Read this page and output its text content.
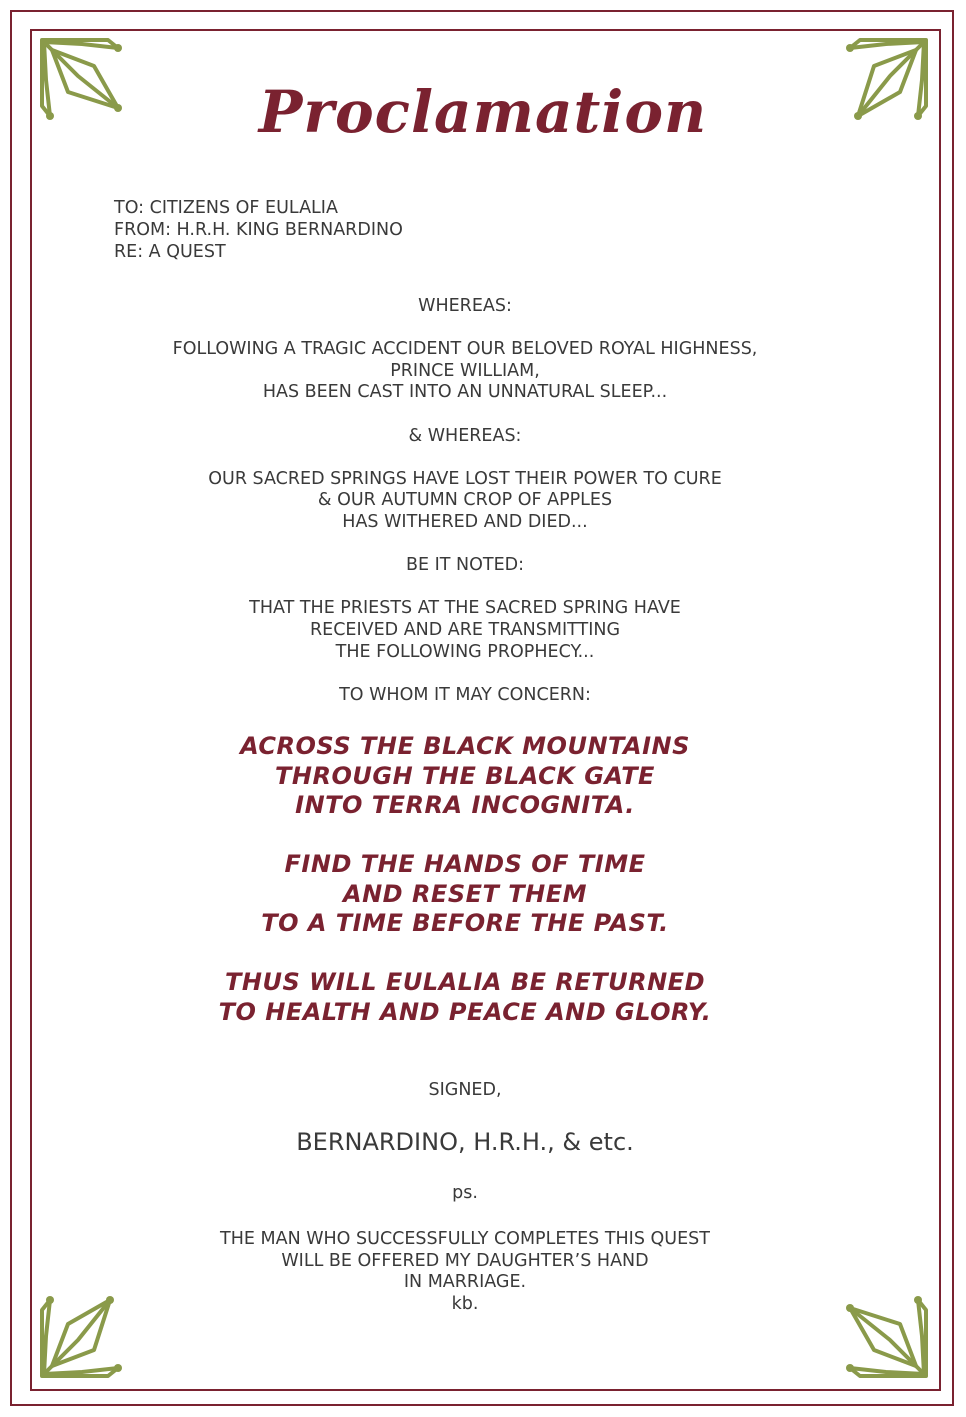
Proclamation
TO: CITIZENS OF EULALIA
FROM: H.R.H. KING BERNARDINO
RE: A QUEST

WHEREAS:

FOLLOWING A TRAGIC ACCIDENT OUR BELOVED ROYAL HIGHNESS,

PRINCE WILLIAM,

HAS BEEN CAST INTO AN UNNATURAL SLEEP...

& WHEREAS:

OUR SACRED SPRINGS HAVE LOST THEIR POWER TO CURE

& OUR AUTUMN CROP OF APPLES

HAS WITHERED AND DIED...

BE IT NOTED:

THAT THE PRIESTS AT THE SACRED SPRING HAVE

RECEIVED AND ARE TRANSMITTING

THE FOLLOWING PROPHECY...

TO WHOM IT MAY CONCERN:

ACROSS THE BLACK MOUNTAINS

THROUGH THE BLACK GATE

INTO TERRA INCOGNITA.

FIND THE HANDS OF TIME

AND RESET THEM

TO A TIME BEFORE THE PAST.

THUS WILL EULALIA BE RETURNED

TO HEALTH AND PEACE AND GLORY.

SIGNED,
BERNARDINO, H.R.H., & etc.
ps.

THE MAN WHO SUCCESSFULLY COMPLETES THIS QUEST

WILL BE OFFERED MY DAUGHTER’S HAND

IN MARRIAGE.

kb.
